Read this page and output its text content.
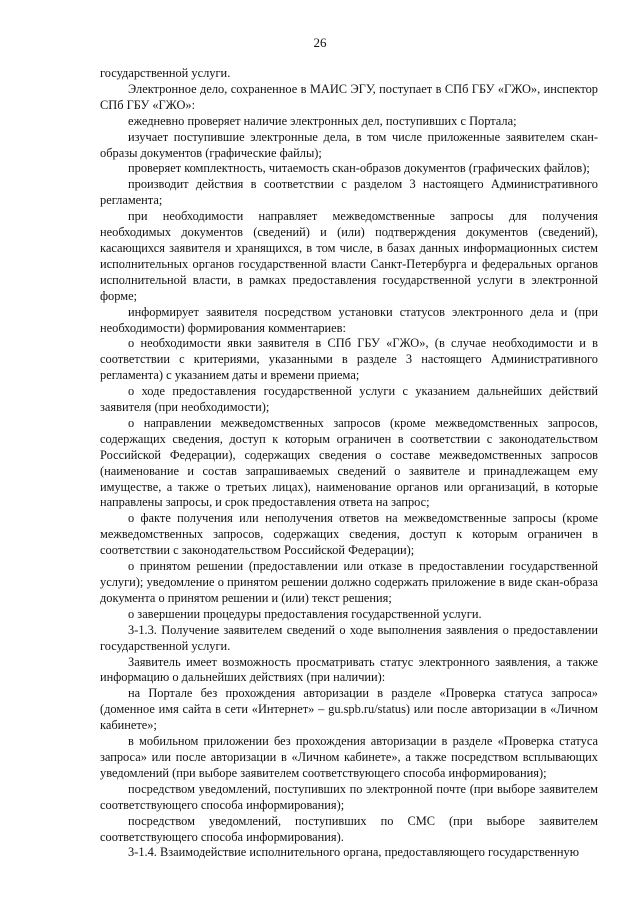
26

государственной услуги.

Электронное дело, сохраненное в МАИС ЭГУ, поступает в СПб ГБУ «ГЖО», инспектор СПб ГБУ «ГЖО»:

ежедневно проверяет наличие электронных дел, поступивших с Портала;

изучает поступившие электронные дела, в том числе приложенные заявителем скан-образы документов (графические файлы);

проверяет комплектность, читаемость скан-образов документов (графических файлов);

производит действия в соответствии с разделом 3 настоящего Административного регламента;

при необходимости направляет межведомственные запросы для получения необходимых документов (сведений) и (или) подтверждения документов (сведений), касающихся заявителя и хранящихся, в том числе, в базах данных информационных систем исполнительных органов государственной власти Санкт-Петербурга и федеральных органов исполнительной власти, в рамках предоставления государственной услуги в электронной форме;

информирует заявителя посредством установки статусов электронного дела и (при необходимости) формирования комментариев:

о необходимости явки заявителя в СПб ГБУ «ГЖО», (в случае необходимости и в соответствии с критериями, указанными в разделе 3 настоящего Административного регламента) с указанием даты и времени приема;

о ходе предоставления государственной услуги с указанием дальнейших действий заявителя (при необходимости);

о направлении межведомственных запросов (кроме межведомственных запросов, содержащих сведения, доступ к которым ограничен в соответствии с законодательством Российской Федерации), содержащих сведения о составе межведомственных запросов (наименование и состав запрашиваемых сведений о заявителе и принадлежащем ему имуществе, а также о третьих лицах), наименование органов или организаций, в которые направлены запросы, и срок предоставления ответа на запрос;

о факте получения или неполучения ответов на межведомственные запросы (кроме межведомственных запросов, содержащих сведения, доступ к которым ограничен в соответствии с законодательством Российской Федерации);

о принятом решении (предоставлении или отказе в предоставлении государственной услуги); уведомление о принятом решении должно содержать приложение в виде скан-образа документа о принятом решении и (или) текст решения;

о завершении процедуры предоставления государственной услуги.

3-1.3. Получение заявителем сведений о ходе выполнения заявления о предоставлении государственной услуги.

Заявитель имеет возможность просматривать статус электронного заявления, а также информацию о дальнейших действиях (при наличии):

на Портале без прохождения авторизации в разделе «Проверка статуса запроса» (доменное имя сайта в сети «Интернет» – gu.spb.ru/status) или после авторизации в «Личном кабинете»;

в мобильном приложении без прохождения авторизации в разделе «Проверка статуса запроса» или после авторизации в «Личном кабинете», а также посредством всплывающих уведомлений (при выборе заявителем соответствующего способа информирования);

посредством уведомлений, поступивших по электронной почте (при выборе заявителем соответствующего способа информирования);

посредством уведомлений, поступивших по СМС (при выборе заявителем соответствующего способа информирования).

3-1.4. Взаимодействие исполнительного органа, предоставляющего государственную
